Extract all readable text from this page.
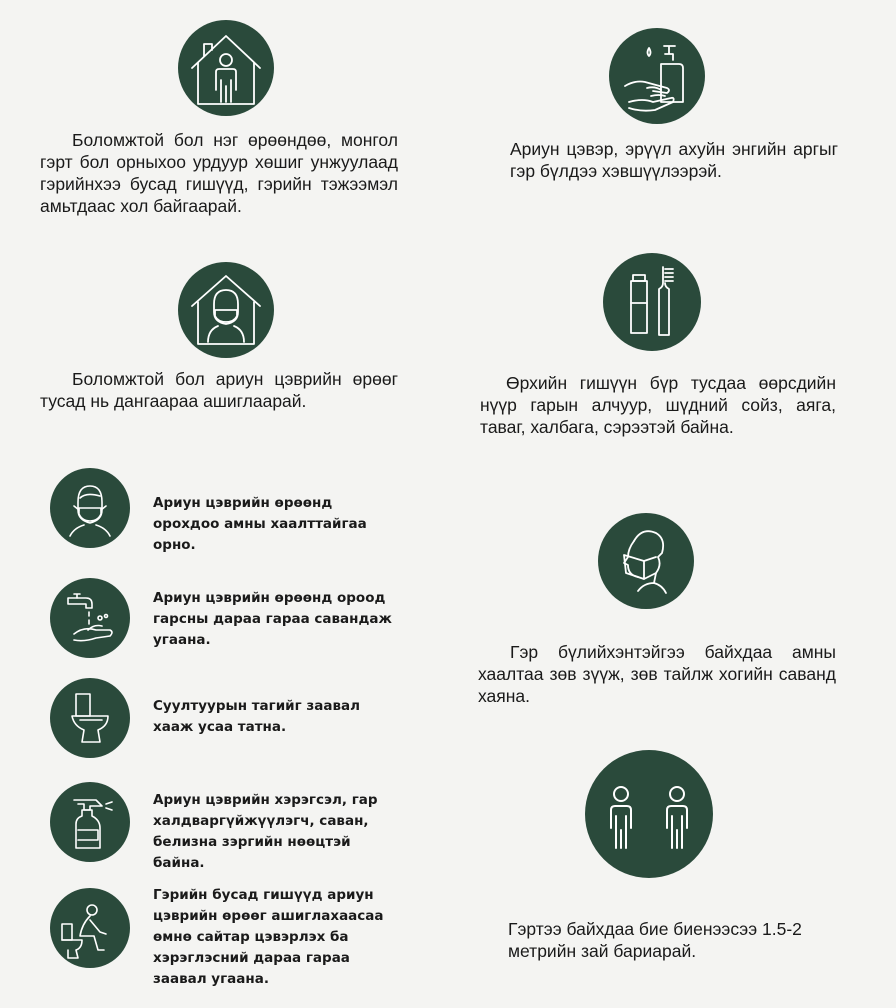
Боломжтой бол нэг өрөөндөө, монгол гэрт бол орныхоо урдуур хөшиг унжуулаад гэрийнхээ бусад гишүүд, гэрийн тэжээмэл амьтдаас хол байгаарай.
Ариун цэвэр, эрүүл ахуйн энгийн аргыг гэр бүлдээ хэвшүүлээрэй.
Боломжтой бол ариун цэврийн өрөөг тусад нь дангаараа ашиглаарай.
Өрхийн гишүүн бүр тусдаа өөрсдийн нүүр гарын алчуур, шүдний сойз, аяга, таваг, халбага, сэрээтэй байна.
Ариун цэврийн өрөөнд орохдоо амны хаалттайгаа орно.
Ариун цэврийн өрөөнд ороод гарсны дараа гараа савандаж угаана.
Суултуурын тагийг заавал хааж усаа татна.
Ариун цэврийн хэрэгсэл, гар халдваргүйжүүлэгч, саван, белизна зэргийн нөөцтэй байна.
Гэрийн бусад гишүүд ариун цэврийн өрөөг ашиглахаасаа өмнө сайтар цэвэрлэх ба хэрэглэсний дараа гараа заавал угаана.
Гэр бүлийхэнтэйгээ байхдаа амны хаалтаа зөв зүүж, зөв тайлж хогийн саванд хаяна.
Гэртээ байхдаа бие биенээсээ 1.5-2 метрийн зай бариарай.
